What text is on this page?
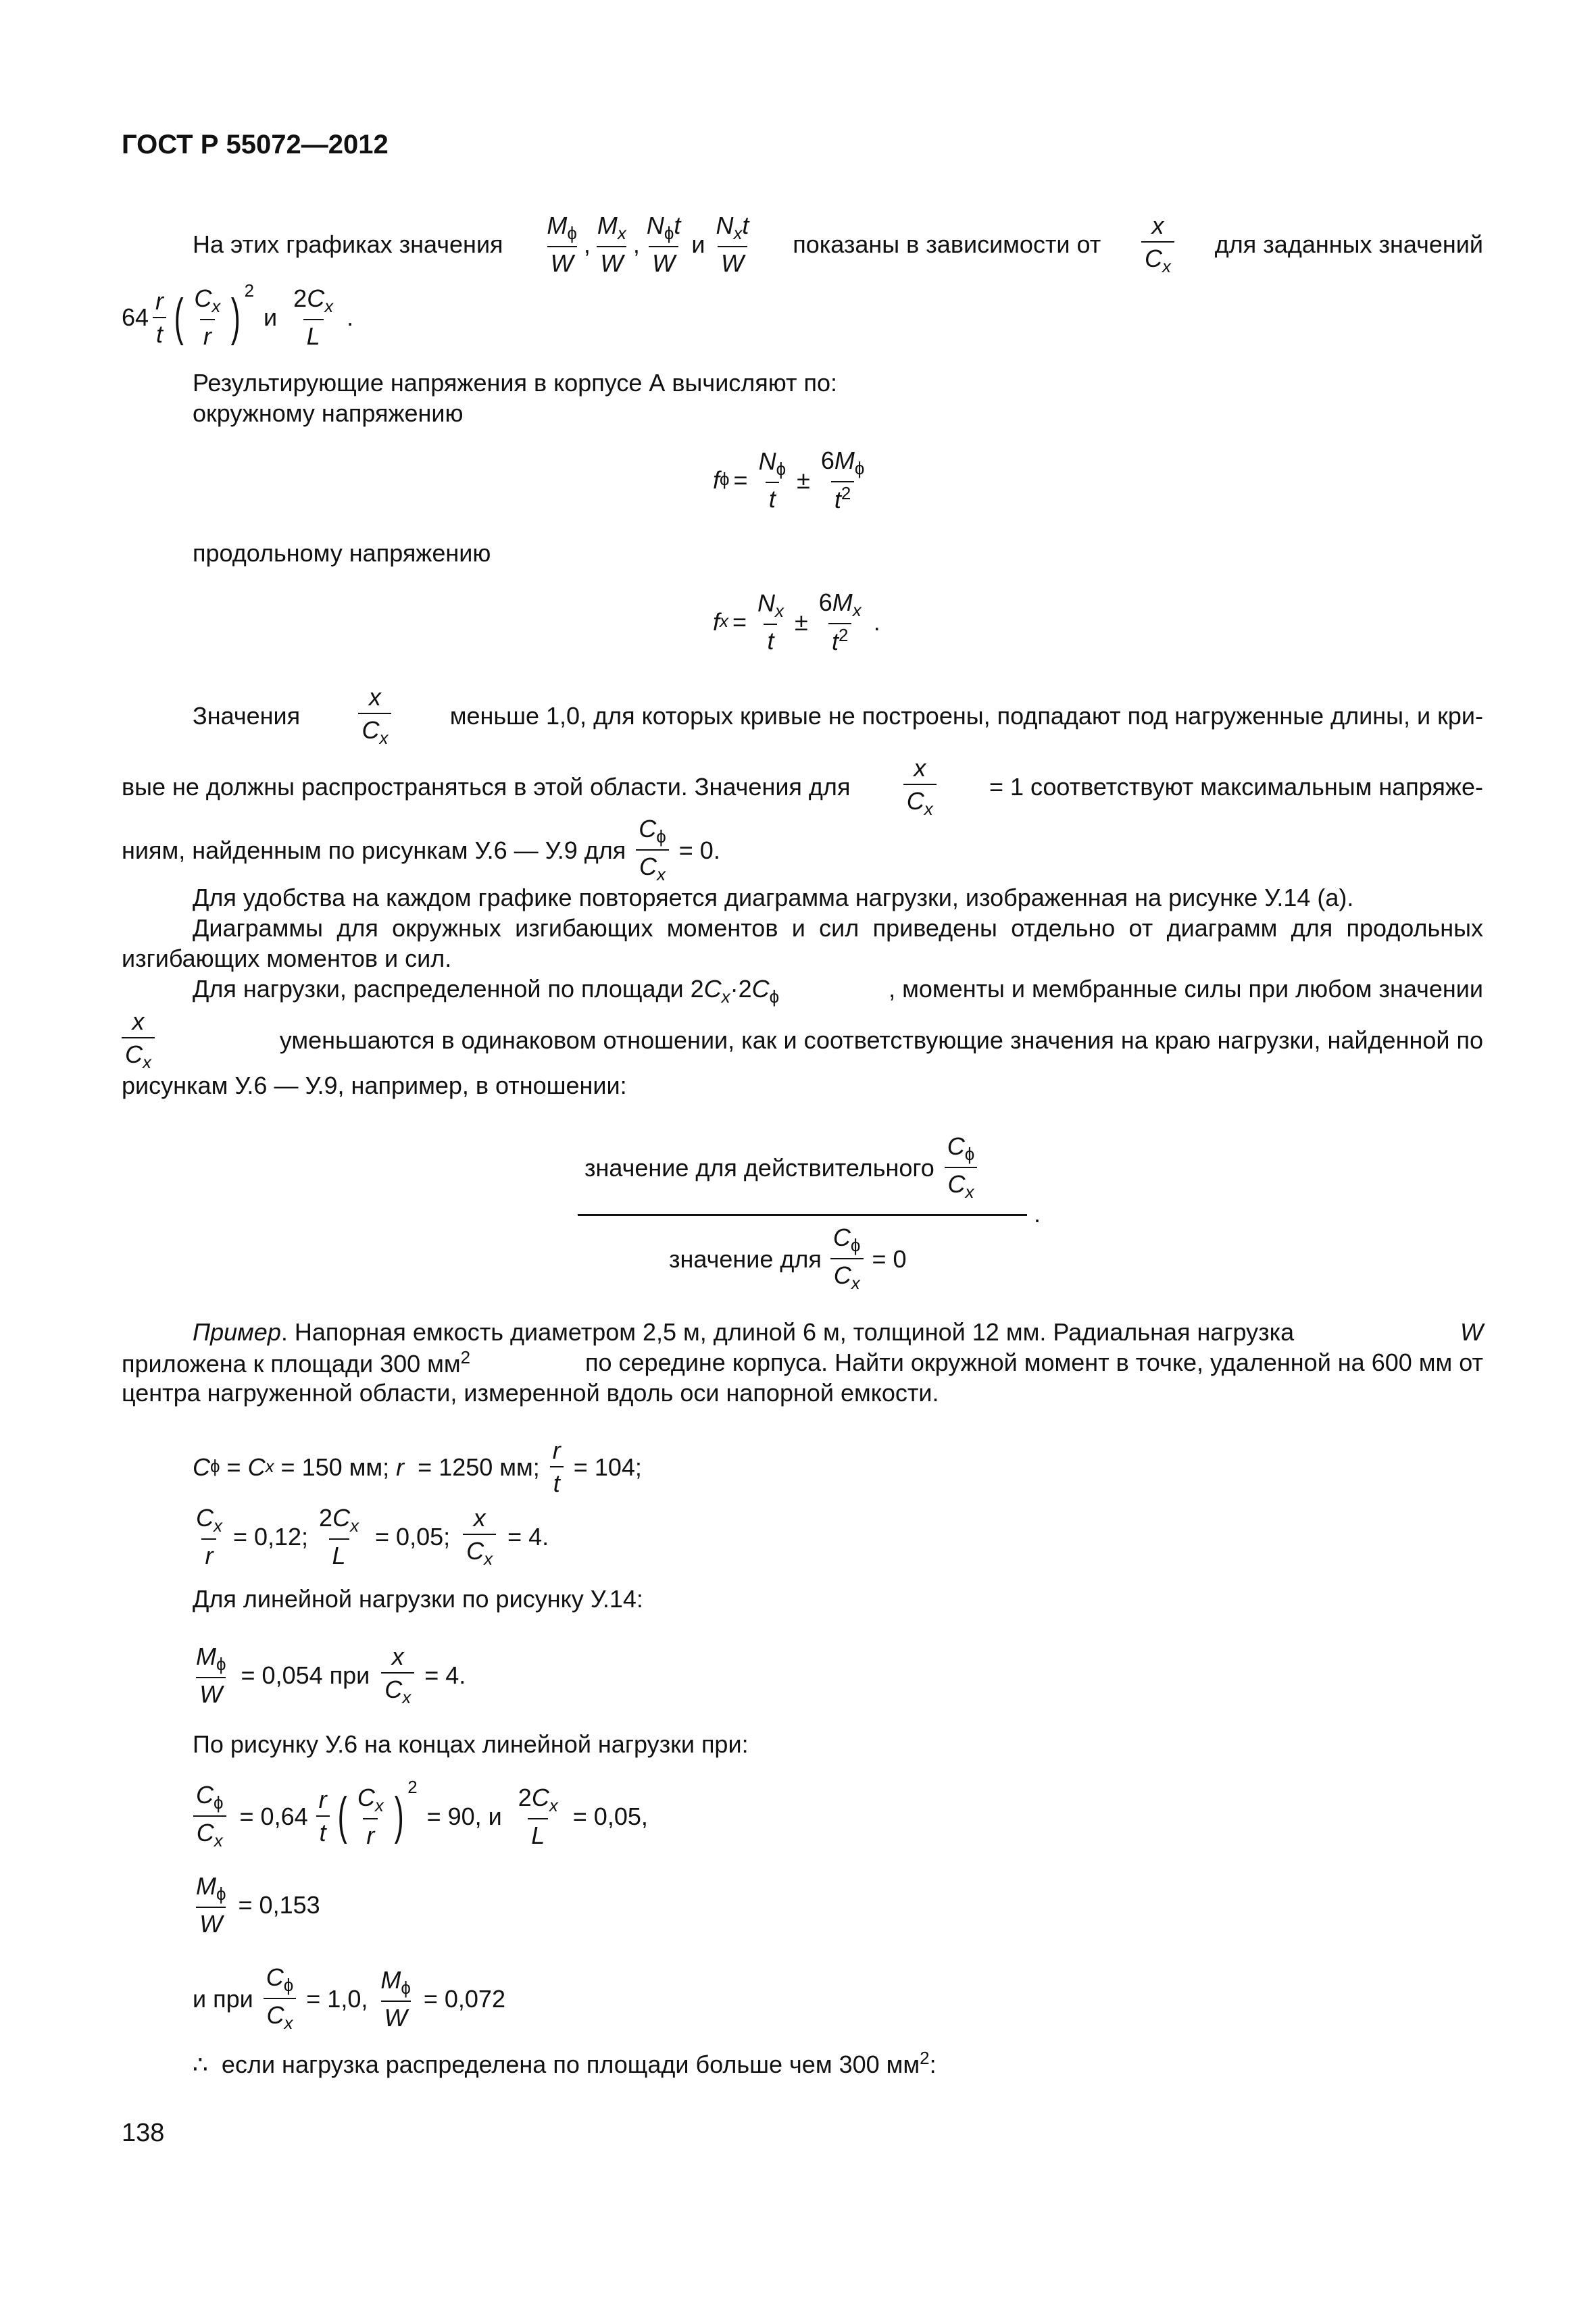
ГОСТ Р 55072—2012
На этих графиках значения
$M_\phi$
W
,
$M_x$
W
,
$N_\phi t$
W
и
$N_xt$
W
показаны в зависимости от
x
$C_x$
для заданных значений
64
r
t ( $C_x$
r )$^2$
и
$2C_x$
L
.
Результирующие напряжения в корпусе А вычисляют по:
окружному напряжению
f $\phi = \frac{N_\phi}{t} \pm \frac{6M_\phi}{t^2}$
продольному напряжению
f $x = \frac{N_x}{t} \pm \frac{6M_x}{t^2}$ .
Значения
x
$C_x$
меньше 1,0, для которых кривые не построены, подпадают под нагруженные длины, и кри-
вые не должны распространяться в этой области. Значения для $\frac{x}{C_x} = 1$ соответствуют максимальным напряже-
ниям, найденным по рисункам У.6 — У.9 для $\frac{C_\phi}{C_x} = 0$.
Для удобства на каждом графике повторяется диаграмма нагрузки, изображенная на рисунке У.14 (а).
Диаграммы для окружных изгибающих моментов и сил приведены отдельно от диаграмм для продольных
изгибающих моментов и сил.
Для нагрузки, распределенной по площади $2C_x\cdot 2C_\phi$	, моменты и мембранные силы при любом значении
x
$C_x$
уменьшаются в одинаковом отношении, как и соответствующие значения на краю нагрузки, найденной по
рисункам У.6 — У.9, например, в отношении:
значение для действительного
$C_\phi$
$C_x$
.
значение для $\frac{C_\phi}{C_x} = 0$
Пример. Напорная емкость диаметром 2,5 м, длиной 6 м, толщиной 12 мм. Радиальная нагрузка	W
приложена к площади 300 $мм^2$	по середине корпуса. Найти окружной момент в точке, удаленной на 600 мм от
центра нагруженной области, измеренной вдоль оси напорной емкости.
C ϕ
=
C x
= 150 мм;
r
= 1250 мм; $\frac{r}{t} = 104$;
$\frac{C_x}{r} = 0,12$; $\frac{2C_x}{L} = 0,05$; $\frac{x}{C_x} = 4$.
Для линейной нагрузки по рисунку У.14:
$\frac{M_\phi}{W} = 0,054$ при $\frac{x}{C_x} = 4$.
По рисунку У.6 на концах линейной нагрузки при:
$\frac{C_\phi}{C_x} = 0,64$
r
t ( $C_x$
r )$^2$
= 90, и $\frac{2C_x}{L} = 0,05$,
$\frac{M_\phi}{W} = 0,153$
и при $\frac{C_\phi}{C_x} = 1,0$, $\frac{M_\phi}{W} = 0,072$
∴ если нагрузка распределена по площади больше чем 300 $мм^2$:
138
